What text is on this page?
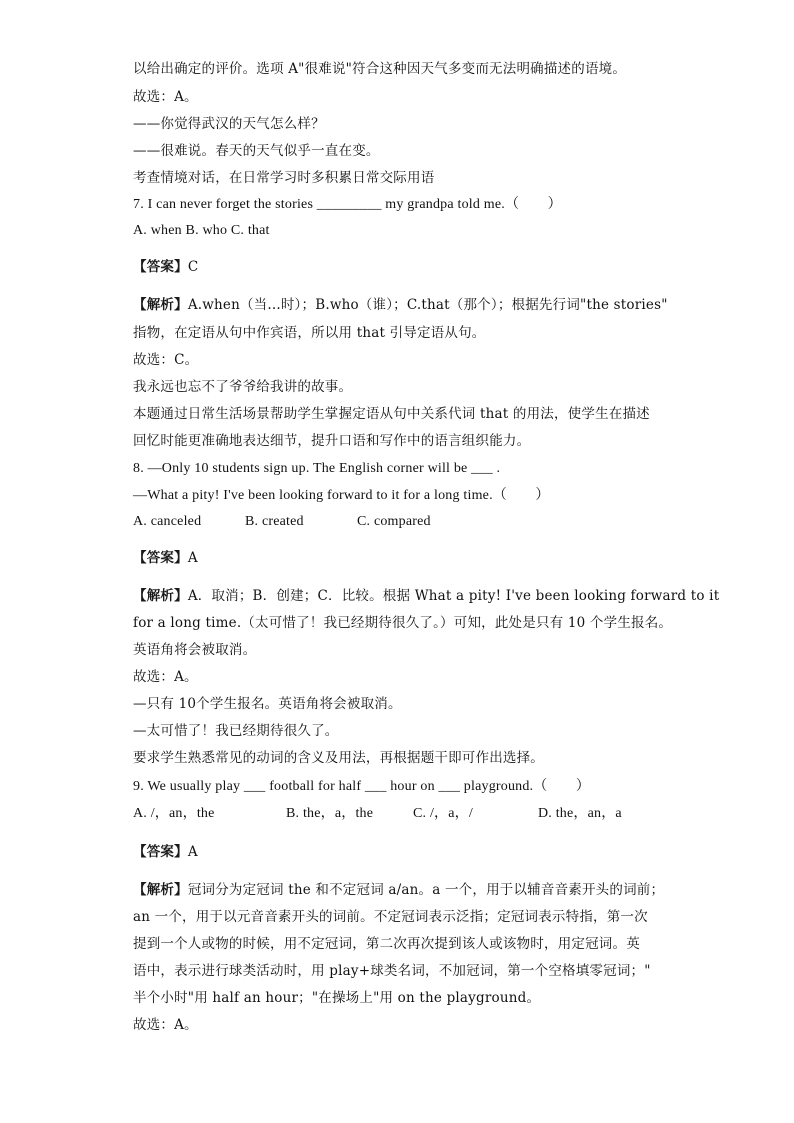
以给出确定的评价。选项 A"很难说"符合这种因天气多变而无法明确描述的语境。
故选：A。
——你觉得武汉的天气怎么样？
——很难说。春天的天气似乎一直在变。
考查情境对话，在日常学习时多积累日常交际用语
7. I can never forget the stories _________ my grandpa told me.（　　）
A. when B. who C. that
【答案】C
【解析】A.when（当...时）；B.who（谁）；C.that（那个）；根据先行词"the stories"
指物，在定语从句中作宾语，所以用 that 引导定语从句。
故选：C。
我永远也忘不了爷爷给我讲的故事。
本题通过日常生活场景帮助学生掌握定语从句中关系代词 that 的用法，使学生在描述
回忆时能更准确地表达细节，提升口语和写作中的语言组织能力。
8. —Only 10 students sign up. The English corner will be ___ .
—What a pity! I've been looking forward to it for a long time.（　　）
A. canceled	B. created	C. compared
【答案】A
【解析】A．取消；B．创建；C．比较。根据 What a pity! I've been looking forward to it
for a long time.（太可惜了！我已经期待很久了。）可知，此处是只有 10 个学生报名。
英语角将会被取消。
故选：A。
—只有 10个学生报名。英语角将会被取消。
—太可惜了！我已经期待很久了。
要求学生熟悉常见的动词的含义及用法，再根据题干即可作出选择。
9. We usually play ___ football for half ___ hour on ___ playground.（　　）
A. /，an，the	B. the，a，the	C. /，a，/	D. the，an，a
【答案】A
【解析】冠词分为定冠词 the 和不定冠词 a/an。a 一个，用于以辅音音素开头的词前；
an 一个，用于以元音音素开头的词前。不定冠词表示泛指；定冠词表示特指，第一次
提到一个人或物的时候，用不定冠词，第二次再次提到该人或该物时，用定冠词。英
语中，表示进行球类活动时，用 play+球类名词，不加冠词，第一个空格填零冠词；"
半个小时"用 half an hour；"在操场上"用 on the playground。
故选：A。
